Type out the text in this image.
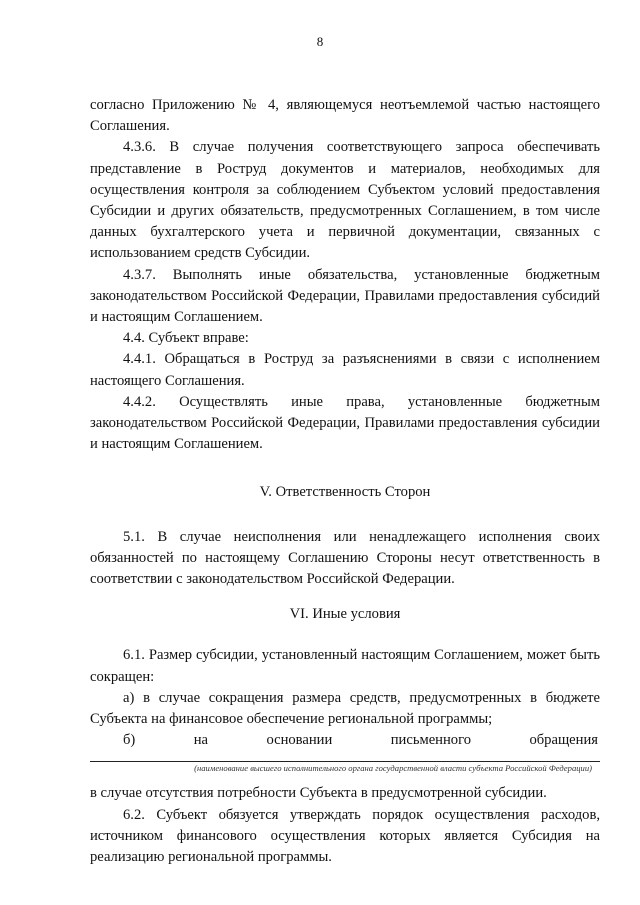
8

согласно Приложению № 4, являющемуся неотъемлемой частью настоящего Соглашения.

4.3.6. В случае получения соответствующего запроса обеспечивать представление в Роструд документов и материалов, необходимых для осуществления контроля за соблюдением Субъектом условий предоставления Субсидии и других обязательств, предусмотренных Соглашением, в том числе данных бухгалтерского учета и первичной документации, связанных с использованием средств Субсидии.

4.3.7. Выполнять иные обязательства, установленные бюджетным законодательством Российской Федерации, Правилами предоставления субсидий и настоящим Соглашением.

4.4. Субъект вправе:

4.4.1. Обращаться в Роструд за разъяснениями в связи с исполнением настоящего Соглашения.

4.4.2. Осуществлять иные права, установленные бюджетным законодательством Российской Федерации, Правилами предоставления субсидии и настоящим Соглашением.

V. Ответственность Сторон

5.1. В случае неисполнения или ненадлежащего исполнения своих обязанностей по настоящему Соглашению Стороны несут ответственность в соответствии с законодательством Российской Федерации.

VI. Иные условия

6.1. Размер субсидии, установленный настоящим Соглашением, может быть сокращен:

а) в случае сокращения размера средств, предусмотренных в бюджете Субъекта на финансовое обеспечение региональной программы;

б)	на	основании	письменного	обращения
(наименование высшего исполнительного органа государственной власти субъекта Российской Федерации)

в случае отсутствия потребности Субъекта в предусмотренной субсидии.

6.2. Субъект обязуется утверждать порядок осуществления расходов, источником финансового осуществления которых является Субсидия на реализацию региональной программы.
